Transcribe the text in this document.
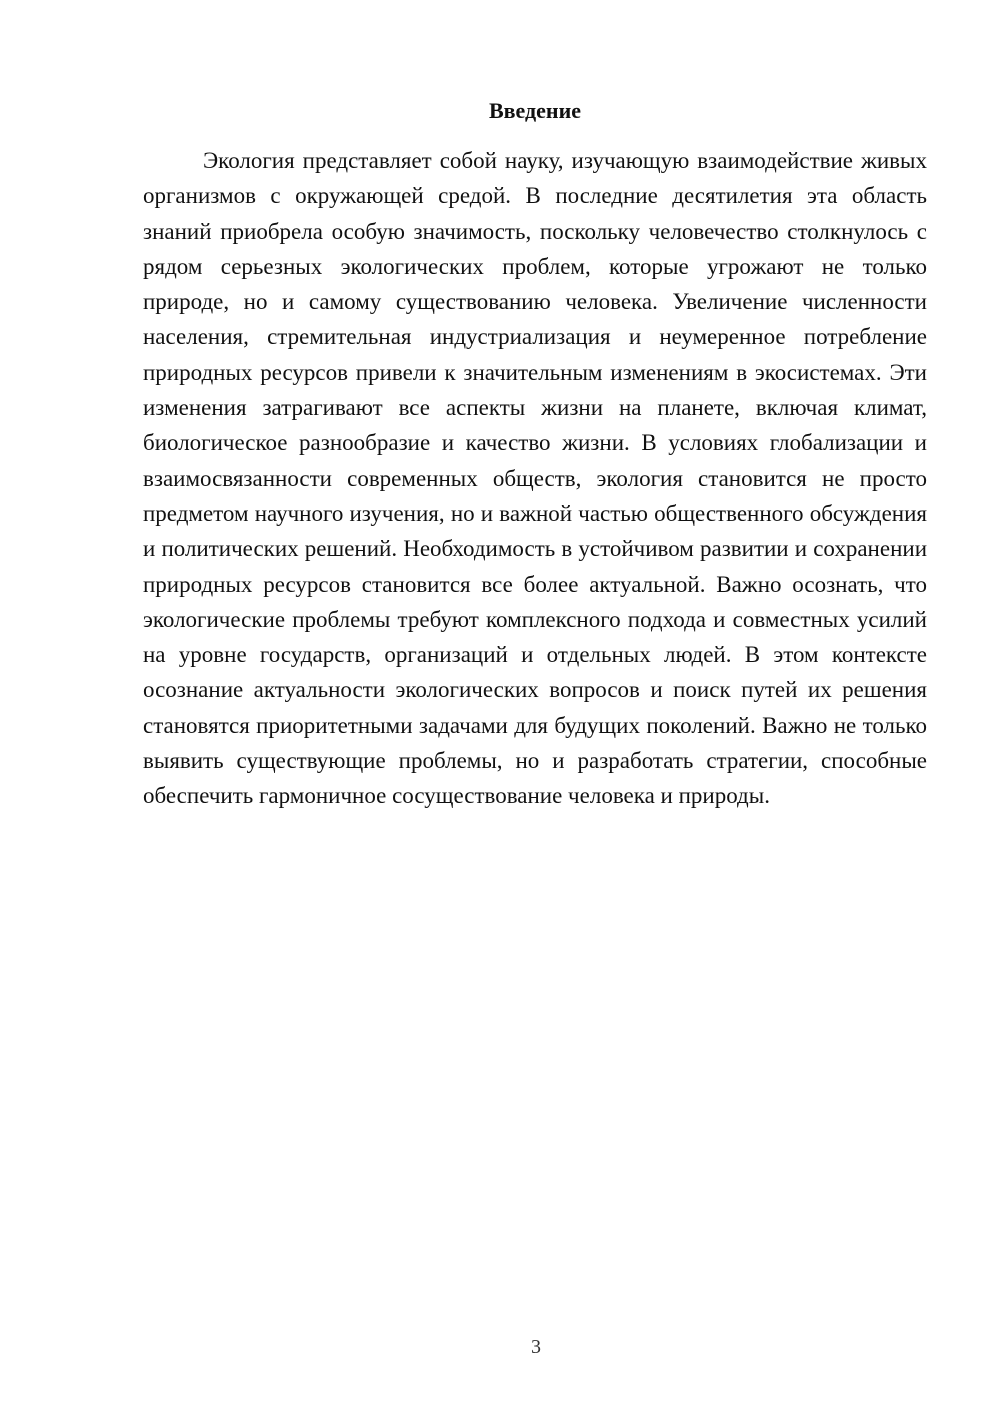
Введение

Экология представляет собой науку, изучающую взаимодействие живых организмов с окружающей средой. В последние десятилетия эта область знаний приобрела особую значимость, поскольку человечество столкнулось с рядом серьезных экологических проблем, которые угрожают не только природе, но и самому существованию человека. Увеличение численности населения, стремительная индустриализация и неумеренное потребление природных ресурсов привели к значительным изменениям в экосистемах. Эти изменения затрагивают все аспекты жизни на планете, включая климат, биологическое разнообразие и качество жизни. В условиях глобализации и взаимосвязанности современных обществ, экология становится не просто предметом научного изучения, но и важной частью общественного обсуждения и политических решений. Необходимость в устойчивом развитии и сохранении природных ресурсов становится все более актуальной. Важно осознать, что экологические проблемы требуют комплексного подхода и совместных усилий на уровне государств, организаций и отдельных людей. В этом контексте осознание актуальности экологических вопросов и поиск путей их решения становятся приоритетными задачами для будущих поколений. Важно не только выявить существующие проблемы, но и разработать стратегии, способные обеспечить гармоничное сосуществование человека и природы.

3
